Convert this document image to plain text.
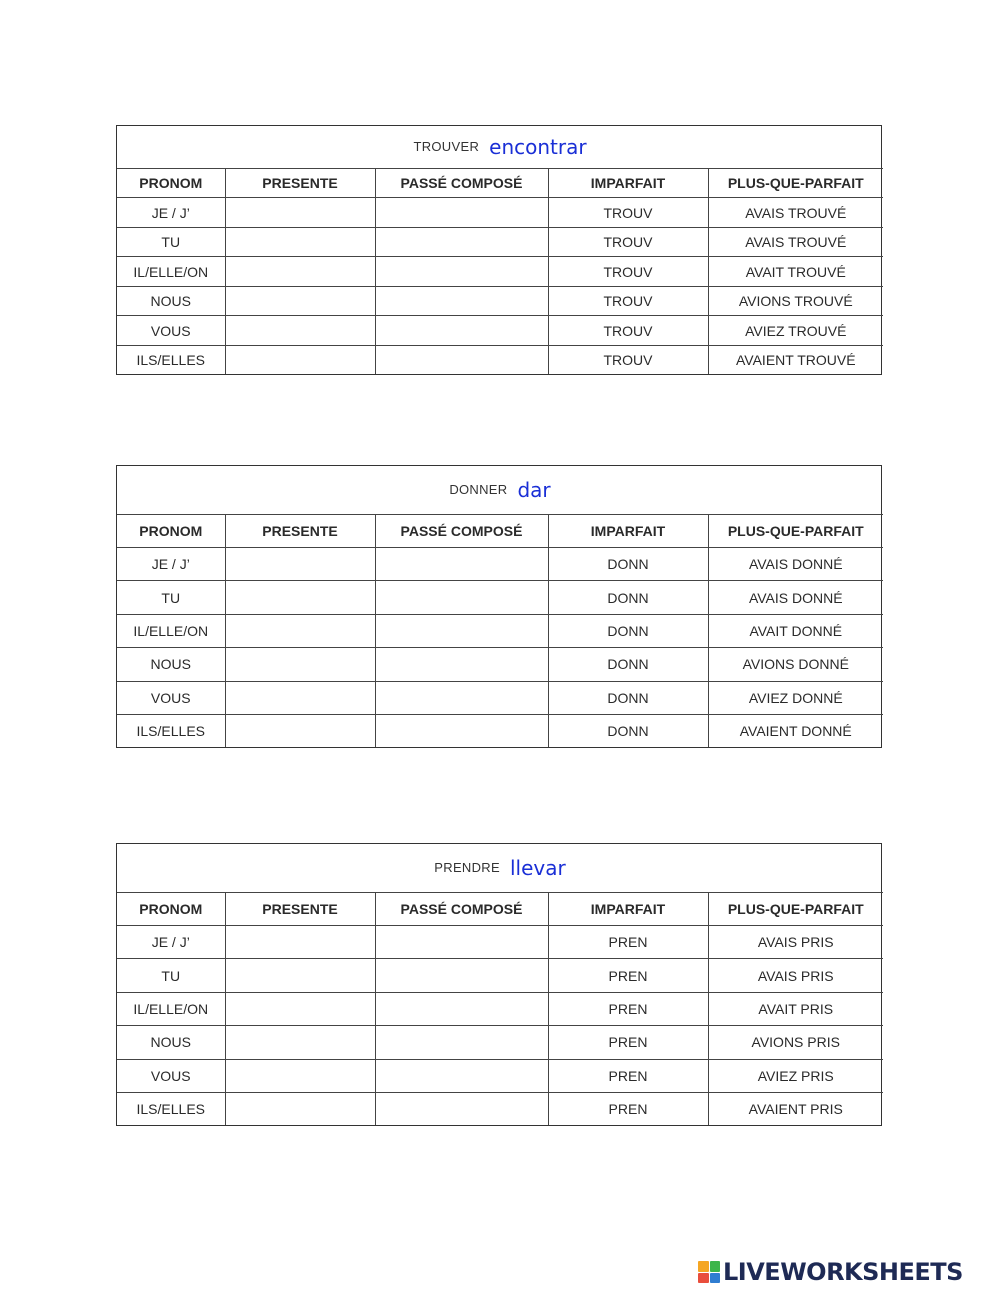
TROUVER encontrar				
PRONOM	PRESENTE	PASSÉ COMPOSÉ	IMPARFAIT	PLUS-QUE-PARFAIT
JE / J’			TROUV	AVAIS TROUVÉ
TU			TROUV	AVAIS TROUVÉ
IL/ELLE/ON			TROUV	AVAIT TROUVÉ
NOUS			TROUV	AVIONS TROUVÉ
VOUS			TROUV	AVIEZ TROUVÉ
ILS/ELLES			TROUV	AVAIENT TROUVÉ
DONNER dar				
PRONOM	PRESENTE	PASSÉ COMPOSÉ	IMPARFAIT	PLUS-QUE-PARFAIT
JE / J’			DONN	AVAIS DONNÉ
TU			DONN	AVAIS DONNÉ
IL/ELLE/ON			DONN	AVAIT DONNÉ
NOUS			DONN	AVIONS DONNÉ
VOUS			DONN	AVIEZ DONNÉ
ILS/ELLES			DONN	AVAIENT DONNÉ
PRENDRE llevar				
PRONOM	PRESENTE	PASSÉ COMPOSÉ	IMPARFAIT	PLUS-QUE-PARFAIT
JE / J’			PREN	AVAIS PRIS
TU			PREN	AVAIS PRIS
IL/ELLE/ON			PREN	AVAIT PRIS
NOUS			PREN	AVIONS PRIS
VOUS			PREN	AVIEZ PRIS
ILS/ELLES			PREN	AVAIENT PRIS
LIVEWORKSHEETS
